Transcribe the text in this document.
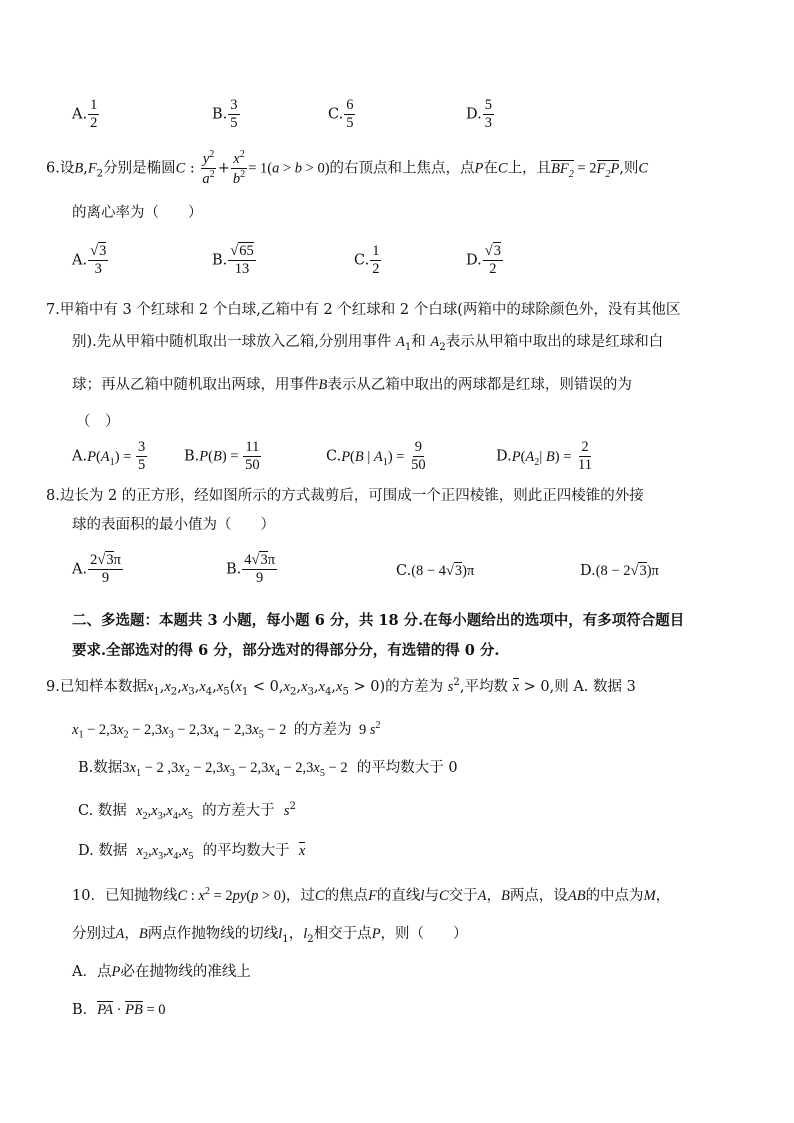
A. $\frac{1}{2}$	B. $\frac{3}{5}$	C. $\frac{6}{5}$	D. $\frac{5}{3}$
6.设$B,F_2$分别是椭圆C : $\frac{y^2}{a^2} + \frac{x^2}{b^2} = 1(a > b > 0)$的右顶点和上焦点，点P在C上，且$BF_2 = 2F_2P$,则C
的离心率为（　　）
A. $\frac{√3}{3}$	B. $\frac{√65}{13}$	C. $\frac{1}{2}$	D. $\frac{√3}{2}$
7.甲箱中有 3 个红球和 2 个白球,乙箱中有 2 个红球和 2 个白球(两箱中的球除颜色外，没有其他区
别).先从甲箱中随机取出一球放入乙箱,分别用事件 $A_1$和 $A_2$表示从甲箱中取出的球是红球和白
球；再从乙箱中随机取出两球，用事件B表示从乙箱中取出的两球都是红球，则错误的为
（　）
$A.P(A_1) = \frac{3}{5}$	$B.P(B) = \frac{11}{50}$	C.P(B | $A_1) = \frac{9}{50}$	$D.P(A_2|$ $B) = \frac{2}{11}$
8.边长为 2 的正方形，经如图所示的方式裁剪后，可围成一个正四棱锥，则此正四棱锥的外接
球的表面积的最小值为（　　）
A. $\frac{2√3\pi}{9}$	B. $\frac{4√3\pi}{9}$	C.(8 − 4√3)π	D.(8 − 2√3)π
二、多选题：本题共 3 小题，每小题 6 分，共 18 分.在每小题给出的选项中，有多项符合题目
要求.全部选对的得 6 分，部分选对的得部分分，有选错的得 0 分.
9.已知样本数据$x_1,x_2,x_3,x_4,x_5(x_1 < 0,x_2,x_3,x_4,x_5 > 0)$的方差为 $s^2$,平均数 x > 0,则 A. 数据 3
$x_1 - 2,3x_2 - 2,3x_3 - 2,3x_4 - 2,3x_5 - 2$  的方差为  9 $s^2$
B.数据$3x_1 - 2$ $,3x_2 - 2,3x_3 - 2,3x_4 - 2,3x_5 - 2$ 的平均数大于 0
C. 数据 $x_2,x_3,x_4,x_5$ 的方差大于 $s^2$
D. 数据 $x_2,x_3,x_4,x_5$ 的平均数大于 x
10．已知抛物线C : $x^2 = 2py(p > 0)$，过C的焦点F的直线l与C交于A，B两点，设AB的中点为M，
分别过A，B两点作抛物线的切线$l_1$，$l_2$相交于点P，则（　　）
A．点P必在抛物线的准线上
B．PA · PB = 0
